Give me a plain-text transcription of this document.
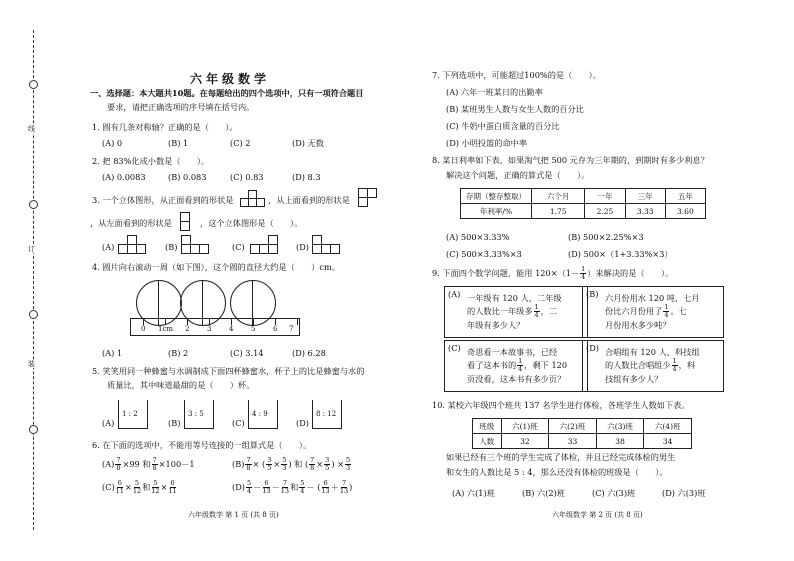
装
订
线
六年级数学
一、选择题：本大题共10题。在每题给出的四个选项中，只有一项符合题目
要求，请把正确选项的序号填在括号内。
1. 圆有几条对称轴？正确的是（　　）。
(A) 0	(B) 1	(C) 2	(D) 无数
2. 把 83%化成小数是（　　）。
(A) 0.0083	(B) 0.083	(C) 0.83	(D) 8.3
3. 一个立体图形，从正面看到的形状是	，从上面看到的形状是
，从左面看到的形状是	，这个立体图形是（　　）。
(A)	(B)	(C)	(D)
4. 圆片向右滚动一周（如下图），这个圆的直径大约是（　　）cm。
0 1cm 2	3	4	5	6 7
(A) 1	(B) 2	(C) 3.14	(D) 6.28
5. 笑笑用同一种蜂蜜与水调制成下面四杯蜂蜜水，杯子上的比是蜂蜜与水的
质量比，其中味道最甜的是（　　）杯。
(A)
1 : 2
(B)
3 : 5
(C)
4 : 9
(D)
8 : 12
6. 在下面的选项中，不能用等号连接的一组算式是（　　）。
$(A) \frac{7}{8} \times 99$ 和 $\frac{7}{8} \times 100-1$	$(B) \frac{7}{8}$ × ( $\frac{3}{5} \times \frac{5}{3}$ ) 和 ( $\frac{7}{8} \times \frac{3}{5}$ ) × $\frac{5}{3}$
$(C) \frac{6}{11} \times \frac{5}{12}$ 和 $\frac{5}{12} \times \frac{6}{11}$	$(D) \frac{5}{4} - \frac{6}{13} - \frac{7}{13}$ 和 $\frac{5}{4}$ － ( $\frac{6}{13} + \frac{7}{13}$ )
六年级数学 第 1 页 (共 8 页)
7. 下列选项中，可能超过100%的是（　　）。
(A) 六年一班某日的出勤率
(B) 某班男生人数与女生人数的百分比
(C) 牛奶中蛋白质含量的百分比
(D) 小明投篮的命中率
8. 某日利率如下表，如果淘气把 500 元存为三年期的，到期时有多少利息？
解决这个问题，正确的算式是（　　）。
存期（整存整取）	六个月	一年	三年	五年
年利率/%	1.75	2.25	3.33	3.60
(A) 500×3.33%	(B) 500×2.25%×3
(C) 500×3.33%×3	(D) 500×（1+3.33%×3）
9. 下面四个数学问题，能用 $120\times(1- \frac{1}{4}$ ）来解决的是（　　）。
(A) 一年级有 120 人，二年级
的人数比一年级多 $\frac{1}{4}$ ，二
年级有多少人？
(B) 六月份用水 120 吨，七月
份比六月份用了 $\frac{1}{4}$ 。七
月份用水多少吨？
(C) 奇思看一本故事书，已经
看了这本书的 $\frac{1}{4}$ ，剩下 120
页没看，这本书有多少页？
(D) 合唱组有 120 人，科技组
的人数比合唱组少 $\frac{1}{4}$ ，科
技组有多少人？
10. 某校六年级四个班共 137 名学生进行体检，各班学生人数如下表。
班级	六(1)班	六(2)班	六(3)班	六(4)班
人数	32	33	38	34
如果已经有三个班的学生完成了体检，并且已经完成体检的男生
和女生的人数比是 5 : 4，那么还没有体检的班级是（　　）。
(A) 六(1)班	(B) 六(2)班	(C) 六(3)班	(D) 六(3)班
六年级数学 第 2 页 (共 8 页)
